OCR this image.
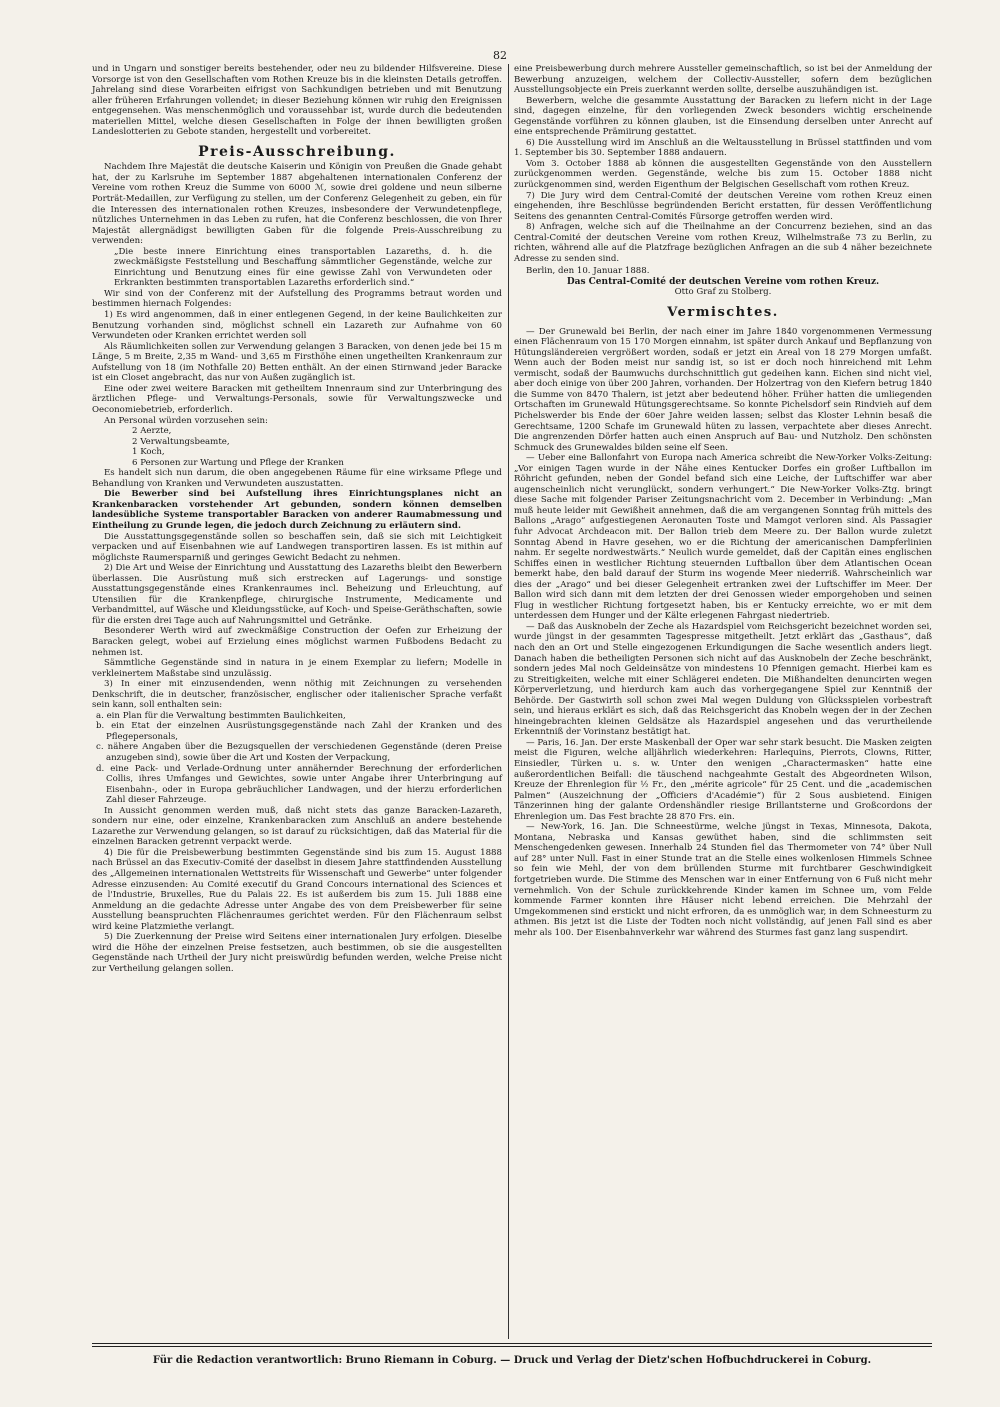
82

und in Ungarn und sonstiger bereits bestehender, oder neu zu bildender Hilfsvereine. Diese Vorsorge ist von den Gesellschaften vom Rothen Kreuze bis in die kleinsten Details getroffen. Jahrelang sind diese Vorarbeiten eifrigst von Sachkundigen betrieben und mit Benutzung aller früheren Erfahrungen vollendet; in dieser Beziehung können wir ruhig den Ereignissen entgegensehen. Was menschenmöglich und voraussehbar ist, wurde durch die bedeutenden materiellen Mittel, welche diesen Gesellschaften in Folge der ihnen bewilligten großen Landeslotterien zu Gebote standen, hergestellt und vorbereitet.

Preis-Ausschreibung.

Nachdem Ihre Majestät die deutsche Kaiserin und Königin von Preußen die Gnade gehabt hat, der zu Karlsruhe im September 1887 abgehaltenen internationalen Conferenz der Vereine vom rothen Kreuz die Summe von 6000 ℳ, sowie drei goldene und neun silberne Porträt-Medaillen, zur Verfügung zu stellen, um der Conferenz Gelegenheit zu geben, ein für die Interessen des internationalen rothen Kreuzes, insbesondere der Verwundetenpflege, nützliches Unternehmen in das Leben zu rufen, hat die Conferenz beschlossen, die von Ihrer Majestät allergnädigst bewilligten Gaben für die folgende Preis-Ausschreibung zu verwenden:

„Die beste innere Einrichtung eines transportablen Lazareths, d. h. die zweckmäßigste Feststellung und Beschaffung sämmtlicher Gegenstände, welche zur Einrichtung und Benutzung eines für eine gewisse Zahl von Verwundeten oder Erkrankten bestimmten transportablen Lazareths erforderlich sind.“

Wir sind von der Conferenz mit der Aufstellung des Programms betraut worden und bestimmen hiernach Folgendes:

1) Es wird angenommen, daß in einer entlegenen Gegend, in der keine Baulichkeiten zur Benutzung vorhanden sind, möglichst schnell ein Lazareth zur Aufnahme von 60 Verwundeten oder Kranken errichtet werden soll

Als Räumlichkeiten sollen zur Verwendung gelangen 3 Baracken, von denen jede bei 15 m Länge, 5 m Breite, 2,35 m Wand- und 3,65 m Firsthöhe einen ungetheilten Krankenraum zur Aufstellung von 18 (im Nothfalle 20) Betten enthält. An der einen Stirnwand jeder Baracke ist ein Closet angebracht, das nur von Außen zugänglich ist.

Eine oder zwei weitere Baracken mit getheiltem Innenraum sind zur Unterbringung des ärztlichen Pflege- und Verwaltungs-Personals, sowie für Verwaltungszwecke und Oeconomiebetrieb, erforderlich.

An Personal würden vorzusehen sein:

2 Aerzte,

2 Verwaltungsbeamte,

1 Koch,

6 Personen zur Wartung und Pflege der Kranken

Es handelt sich nun darum, die oben angegebenen Räume für eine wirksame Pflege und Behandlung von Kranken und Verwundeten auszustatten.

Die Bewerber sind bei Aufstellung ihres Einrichtungsplanes nicht an Krankenbaracken vorstehender Art gebunden, sondern können demselben landesübliche Systeme transportabler Baracken von anderer Raumabmessung und Eintheilung zu Grunde legen, die jedoch durch Zeichnung zu erläutern sind.

Die Ausstattungsgegenstände sollen so beschaffen sein, daß sie sich mit Leichtigkeit verpacken und auf Eisenbahnen wie auf Landwegen transportiren lassen. Es ist mithin auf möglichste Raumersparniß und geringes Gewicht Bedacht zu nehmen.

2) Die Art und Weise der Einrichtung und Ausstattung des Lazareths bleibt den Bewerbern überlassen. Die Ausrüstung muß sich erstrecken auf Lagerungs- und sonstige Ausstattungsgegenstände eines Krankenraumes incl. Beheizung und Erleuchtung, auf Utensilien für die Krankenpflege, chirurgische Instrumente, Medicamente und Verbandmittel, auf Wäsche und Kleidungsstücke, auf Koch- und Speise-Geräthschaften, sowie für die ersten drei Tage auch auf Nahrungsmittel und Getränke.

Besonderer Werth wird auf zweckmäßige Construction der Oefen zur Erheizung der Baracken gelegt, wobei auf Erzielung eines möglichst warmen Fußbodens Bedacht zu nehmen ist.

Sämmtliche Gegenstände sind in natura in je einem Exemplar zu liefern; Modelle in verkleinertem Maßstabe sind unzulässig.

3) In einer mit einzusendenden, wenn nöthig mit Zeichnungen zu versehenden Denkschrift, die in deutscher, französischer, englischer oder italienischer Sprache verfaßt sein kann, soll enthalten sein:

a. ein Plan für die Verwaltung bestimmten Baulichkeiten,

b. ein Etat der einzelnen Ausrüstungsgegenstände nach Zahl der Kranken und des Pflegepersonals,

c. nähere Angaben über die Bezugsquellen der verschiedenen Gegenstände (deren Preise anzugeben sind), sowie über die Art und Kosten der Verpackung,

d. eine Pack- und Verlade-Ordnung unter annähernder Berechnung der erforderlichen Collis, ihres Umfanges und Gewichtes, sowie unter Angabe ihrer Unterbringung auf Eisenbahn-, oder in Europa gebräuchlicher Landwagen, und der hierzu erforderlichen Zahl dieser Fahrzeuge.

In Aussicht genommen werden muß, daß nicht stets das ganze Baracken-Lazareth, sondern nur eine, oder einzelne, Krankenbaracken zum Anschluß an andere bestehende Lazarethe zur Verwendung gelangen, so ist darauf zu rücksichtigen, daß das Material für die einzelnen Baracken getrennt verpackt werde.

4) Die für die Preisbewerbung bestimmten Gegenstände sind bis zum 15. August 1888 nach Brüssel an das Executiv-Comité der daselbst in diesem Jahre stattfindenden Ausstellung des „Allgemeinen internationalen Wettstreits für Wissenschaft und Gewerbe“ unter folgender Adresse einzusenden: Au Comité executif du Grand Concours international des Sciences et de l'Industrie, Bruxelles, Rue du Palais 22. Es ist außerdem bis zum 15. Juli 1888 eine Anmeldung an die gedachte Adresse unter Angabe des von dem Preisbewerber für seine Ausstellung beanspruchten Flächenraumes gerichtet werden. Für den Flächenraum selbst wird keine Platzmiethe verlangt.

5) Die Zuerkennung der Preise wird Seitens einer internationalen Jury erfolgen. Dieselbe wird die Höhe der einzelnen Preise festsetzen, auch bestimmen, ob sie die ausgestellten Gegenstände nach Urtheil der Jury nicht preiswürdig befunden werden, welche Preise nicht zur Vertheilung gelangen sollen.

eine Preisbewerbung durch mehrere Aussteller gemeinschaftlich, so ist bei der Anmeldung der Bewerbung anzuzeigen, welchem der Collectiv-Aussteller, sofern dem bezüglichen Ausstellungsobjecte ein Preis zuerkannt werden sollte, derselbe auszuhändigen ist.

Bewerbern, welche die gesammte Ausstattung der Baracken zu liefern nicht in der Lage sind, dagegen einzelne, für den vorliegenden Zweck besonders wichtig erscheinende Gegenstände vorführen zu können glauben, ist die Einsendung derselben unter Anrecht auf eine entsprechende Prämiirung gestattet.

6) Die Ausstellung wird im Anschluß an die Weltausstellung in Brüssel stattfinden und vom 1. September bis 30. September 1888 andauern.

Vom 3. October 1888 ab können die ausgestellten Gegenstände von den Ausstellern zurückgenommen werden. Gegenstände, welche bis zum 15. October 1888 nicht zurückgenommen sind, werden Eigenthum der Belgischen Gesellschaft vom rothen Kreuz.

7) Die Jury wird dem Central-Comité der deutschen Vereine vom rothen Kreuz einen eingehenden, ihre Beschlüsse begründenden Bericht erstatten, für dessen Veröffentlichung Seitens des genannten Central-Comités Fürsorge getroffen werden wird.

8) Anfragen, welche sich auf die Theilnahme an der Concurrenz beziehen, sind an das Central-Comité der deutschen Vereine vom rothen Kreuz, Wilhelmstraße 73 zu Berlin, zu richten, während alle auf die Platzfrage bezüglichen Anfragen an die sub 4 näher bezeichnete Adresse zu senden sind.

Berlin, den 10. Januar 1888.

Das Central-Comité der deutschen Vereine vom rothen Kreuz.

Otto Graf zu Stolberg.

Vermischtes.

— Der Grunewald bei Berlin, der nach einer im Jahre 1840 vorgenommenen Vermessung einen Flächenraum von 15 170 Morgen einnahm, ist später durch Ankauf und Bepflanzung von Hütungsländereien vergrößert worden, sodaß er jetzt ein Areal von 18 279 Morgen umfaßt. Wenn auch der Boden meist nur sandig ist, so ist er doch noch hinreichend mit Lehm vermischt, sodaß der Baumwuchs durchschnittlich gut gedeihen kann. Eichen sind nicht viel, aber doch einige von über 200 Jahren, vorhanden. Der Holzertrag von den Kiefern betrug 1840 die Summe von 8470 Thalern, ist jetzt aber bedeutend höher. Früher hatten die umliegenden Ortschaften im Grunewald Hütungsgerechtsame. So konnte Pichelsdorf sein Rindvieh auf dem Pichelswerder bis Ende der 60er Jahre weiden lassen; selbst das Kloster Lehnin besaß die Gerechtsame, 1200 Schafe im Grunewald hüten zu lassen, verpachtete aber dieses Anrecht. Die angrenzenden Dörfer hatten auch einen Anspruch auf Bau- und Nutzholz. Den schönsten Schmuck des Grunewaldes bilden seine elf Seen.

— Ueber eine Ballonfahrt von Europa nach America schreibt die New-Yorker Volks-Zeitung: „Vor einigen Tagen wurde in der Nähe eines Kentucker Dorfes ein großer Luftballon im Röhricht gefunden, neben der Gondel befand sich eine Leiche, der Luftschiffer war aber augenscheinlich nicht verunglückt, sondern verhungert.“ Die New-Yorker Volks-Ztg. bringt diese Sache mit folgender Pariser Zeitungsnachricht vom 2. December in Verbindung: „Man muß heute leider mit Gewißheit annehmen, daß die am vergangenen Sonntag früh mittels des Ballons „Arago“ aufgestiegenen Aeronauten Toste und Mamgot verloren sind. Als Passagier fuhr Advocat Archdeacon mit. Der Ballon trieb dem Meere zu. Der Ballon wurde zuletzt Sonntag Abend in Havre gesehen, wo er die Richtung der americanischen Dampferlinien nahm. Er segelte nordwestwärts.“ Neulich wurde gemeldet, daß der Capitän eines englischen Schiffes einen in westlicher Richtung steuernden Luftballon über dem Atlantischen Ocean bemerkt habe, den bald darauf der Sturm ins wogende Meer niederriß. Wahrscheinlich war dies der „Arago“ und bei dieser Gelegenheit ertranken zwei der Luftschiffer im Meer. Der Ballon wird sich dann mit dem letzten der drei Genossen wieder emporgehoben und seinen Flug in westlicher Richtung fortgesetzt haben, bis er Kentucky erreichte, wo er mit dem unterdessen dem Hunger und der Kälte erlegenen Fahrgast niedertrieb.

— Daß das Ausknobeln der Zeche als Hazardspiel vom Reichsgericht bezeichnet worden sei, wurde jüngst in der gesammten Tagespresse mitgetheilt. Jetzt erklärt das „Gasthaus“, daß nach den an Ort und Stelle eingezogenen Erkundigungen die Sache wesentlich anders liegt. Danach haben die betheiligten Personen sich nicht auf das Ausknobeln der Zeche beschränkt, sondern jedes Mal noch Geldeinsätze von mindestens 10 Pfennigen gemacht. Hierbei kam es zu Streitigkeiten, welche mit einer Schlägerei endeten. Die Mißhandelten denuncirten wegen Körperverletzung, und hierdurch kam auch das vorhergegangene Spiel zur Kenntniß der Behörde. Der Gastwirth soll schon zwei Mal wegen Duldung von Glücksspielen vorbestraft sein, und hieraus erklärt es sich, daß das Reichsgericht das Knobeln wegen der in der Zechen hineingebrachten kleinen Geldsätze als Hazardspiel angesehen und das verurtheilende Erkenntniß der Vorinstanz bestätigt hat.

— Paris, 16. Jan. Der erste Maskenball der Oper war sehr stark besucht. Die Masken zeigten meist die Figuren, welche alljährlich wiederkehren: Harlequins, Pierrots, Clowns, Ritter, Einsiedler, Türken u. s. w. Unter den wenigen „Charactermasken“ hatte eine außerordentlichen Beifall: die täuschend nachgeahmte Gestalt des Abgeordneten Wilson, Kreuze der Ehrenlegion für ½ Fr., den „mérite agricole“ für 25 Cent. und die „academischen Palmen“ (Auszeichnung der „Officiers d'Académie“) für 2 Sous ausbietend. Einigen Tänzerinnen hing der galante Ordenshändler riesige Brillantsterne und Großcordons der Ehrenlegion um. Das Fest brachte 28 870 Frs. ein.

— New-York, 16. Jan. Die Schneestürme, welche jüngst in Texas, Minnesota, Dakota, Montana, Nebraska und Kansas gewüthet haben, sind die schlimmsten seit Menschengedenken gewesen. Innerhalb 24 Stunden fiel das Thermometer von 74° über Null auf 28° unter Null. Fast in einer Stunde trat an die Stelle eines wolkenlosen Himmels Schnee so fein wie Mehl, der von dem brüllenden Sturme mit furchtbarer Geschwindigkeit fortgetrieben wurde. Die Stimme des Menschen war in einer Entfernung von 6 Fuß nicht mehr vernehmlich. Von der Schule zurückkehrende Kinder kamen im Schnee um, vom Felde kommende Farmer konnten ihre Häuser nicht lebend erreichen. Die Mehrzahl der Umgekommenen sind erstickt und nicht erfroren, da es unmöglich war, in dem Schneesturm zu athmen. Bis jetzt ist die Liste der Todten noch nicht vollständig, auf jenen Fall sind es aber mehr als 100. Der Eisenbahnverkehr war während des Sturmes fast ganz lang suspendirt.

Für die Redaction verantwortlich: Bruno Riemann in Coburg. — Druck und Verlag der Dietz'schen Hofbuchdruckerei in Coburg.
